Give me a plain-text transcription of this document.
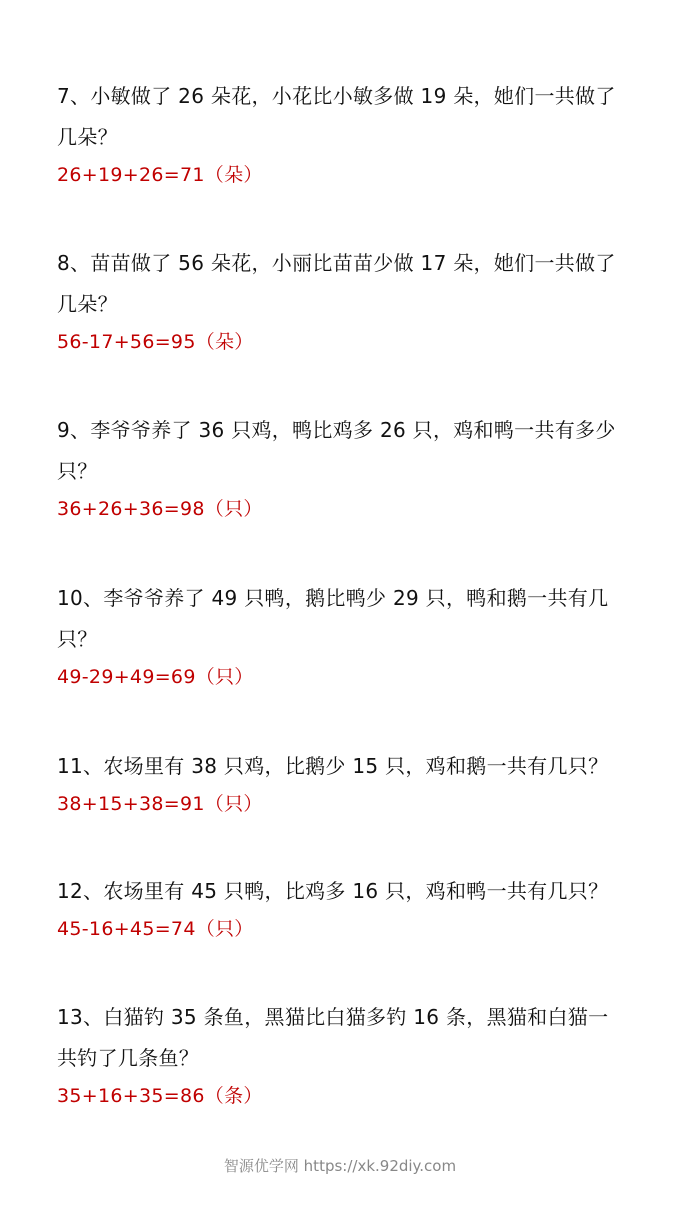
7、小敏做了 26 朵花，小花比小敏多做 19 朵，她们一共做了几朵？

26+19+26=71（朵）

8、苗苗做了 56 朵花，小丽比苗苗少做 17 朵，她们一共做了几朵？

56-17+56=95（朵）

9、李爷爷养了 36 只鸡，鸭比鸡多 26 只，鸡和鸭一共有多少只？

36+26+36=98（只）

10、李爷爷养了 49 只鸭，鹅比鸭少 29 只，鸭和鹅一共有几只？

49-29+49=69（只）

11、农场里有 38 只鸡，比鹅少 15 只，鸡和鹅一共有几只？

38+15+38=91（只）

12、农场里有 45 只鸭，比鸡多 16 只，鸡和鸭一共有几只？

45-16+45=74（只）

13、白猫钓 35 条鱼，黑猫比白猫多钓 16 条，黑猫和白猫一共钓了几条鱼？

35+16+35=86（条）

智源优学网 https://xk.92diy.com
